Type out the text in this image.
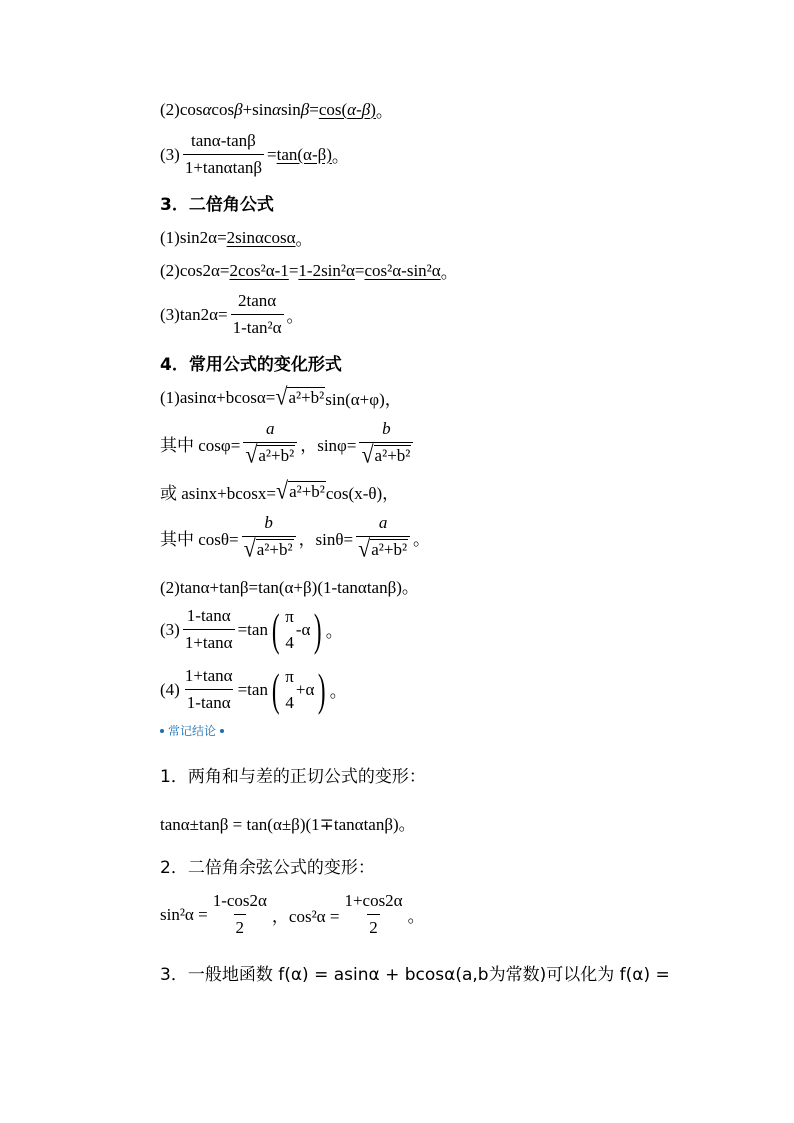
(2)cos α cos β +sin α sin β = cos(α-β) 。
$(3) \frac{\tan\alpha-\tan\beta}{1+\tan\alpha\tan\beta} = \tan(\alpha-\beta)$ 。
3．二倍角公式
(1)sin2α= 2sinαcosα 。
(2)cos2α= 2cos²α-1 = 1-2sin²α = cos²α-sin²α 。
$(3)\tan 2\alpha= \frac{2\tan\alpha}{\text{1-tan²α}}$ 。
4．常用公式的变化形式
(1)asinα+bcosα= √ a²+b² sin(α+φ)，
其中 $\cos\varphi= \frac{a}{\text{√ a²+b²}}$ ，$\sin\varphi= \frac{b}{\text{√ a²+b²}}$
或 asinx+bcosx= √ a²+b² cos(x-θ)，
其中 $\cos\theta= \frac{b}{\text{√ a²+b²}}$ ，$\sin\theta= \frac{a}{\text{√ a²+b²}}$ 。
(2)tanα+tanβ=tan(α+β)(1-tanαtanβ)。
$(3) \frac{1-\tan\alpha}{1+\tan\alpha} =\tan$ ( π
4
-α ) 。
$(4) \frac{1+\tan\alpha}{1-\tan\alpha} =\tan$ ( π
4
+α ) 。
常记结论
1．两角和与差的正切公式的变形：
tanα±tanβ = tan(α±β)(1∓tanαtanβ)。
2．二倍角余弦公式的变形：
$\sin^2\alpha = \frac{1-\cos 2\alpha}{2}$ ，$\cos^2\alpha = \frac{1+\cos 2\alpha}{2}$ 。
3．一般地函数 f(α) = asinα + bcosα(a,b为常数)可以化为 f(α) =
